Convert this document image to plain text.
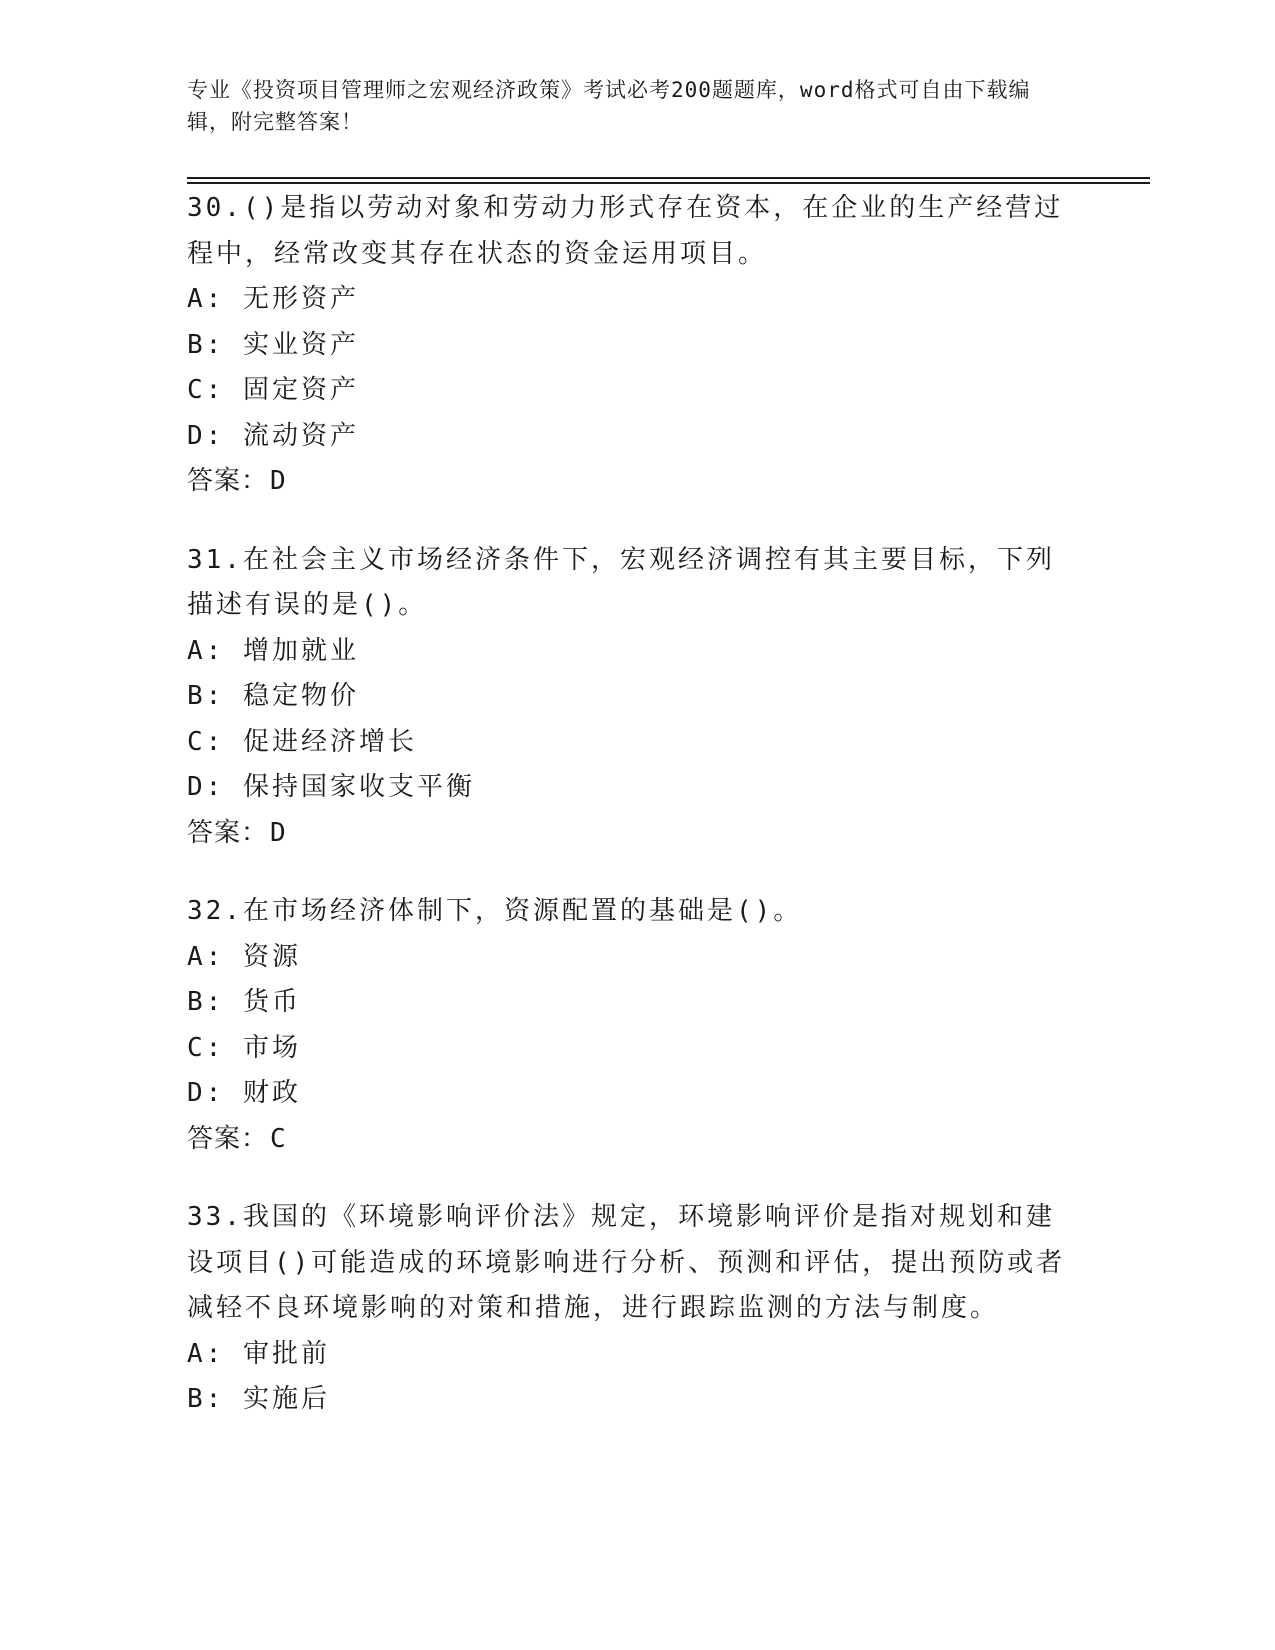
专业《投资项目管理师之宏观经济政策》考试必考200题题库，word格式可自由下载编辑，附完整答案！
30.()是指以劳动对象和劳动力形式存在资本，在企业的生产经营过程中，经常改变其存在状态的资金运用项目。
A: 无形资产
B: 实业资产
C: 固定资产
D: 流动资产
答案：D
31.在社会主义市场经济条件下，宏观经济调控有其主要目标，下列描述有误的是()。
A: 增加就业
B: 稳定物价
C: 促进经济增长
D: 保持国家收支平衡
答案：D
32.在市场经济体制下，资源配置的基础是()。
A: 资源
B: 货币
C: 市场
D: 财政
答案：C
33.我国的《环境影响评价法》规定，环境影响评价是指对规划和建设项目()可能造成的环境影响进行分析、预测和评估，提出预防或者减轻不良环境影响的对策和措施，进行跟踪监测的方法与制度。
A: 审批前
B: 实施后
